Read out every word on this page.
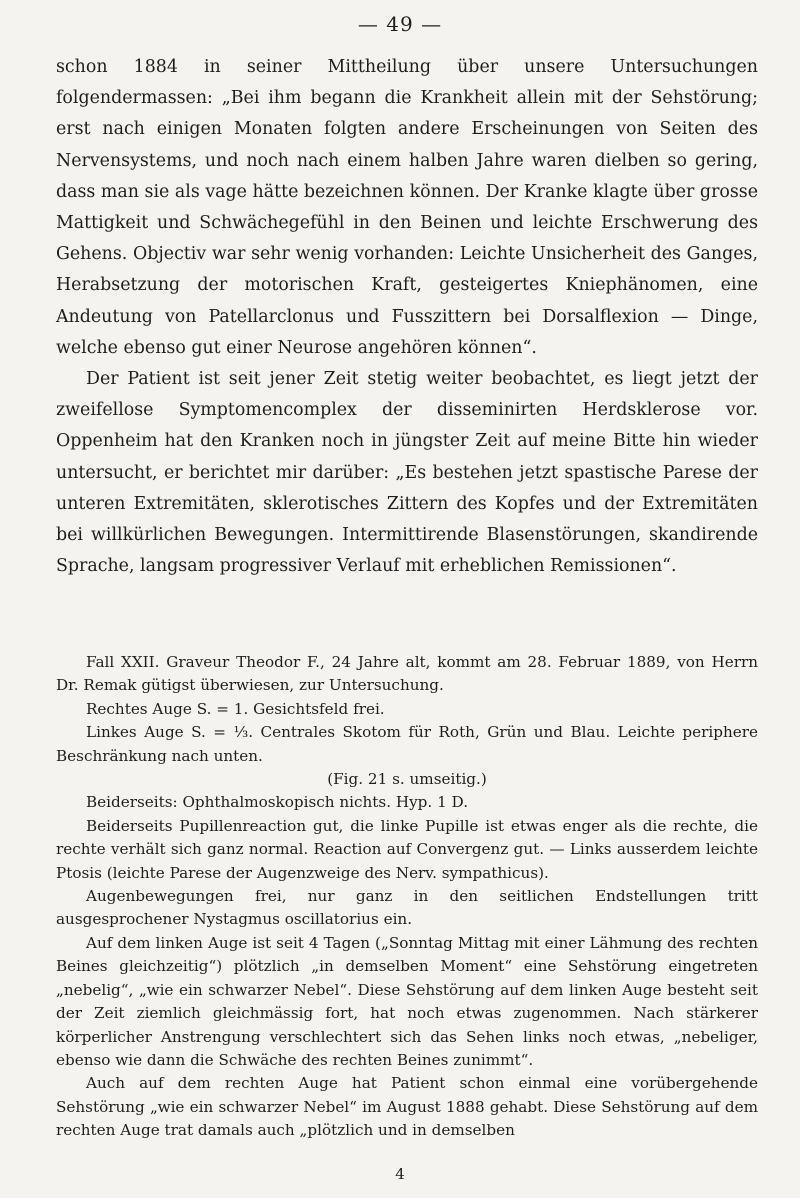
— 49 —

schon 1884 in seiner Mittheilung über unsere Untersuchungen folgendermassen: „Bei ihm begann die Krankheit allein mit der Sehstörung; erst nach einigen Monaten folgten andere Erscheinungen von Seiten des Nervensystems, und noch nach einem halben Jahre waren dielben so gering, dass man sie als vage hätte bezeichnen können. Der Kranke klagte über grosse Mattigkeit und Schwächegefühl in den Beinen und leichte Erschwerung des Gehens. Objectiv war sehr wenig vorhanden: Leichte Unsicherheit des Ganges, Herabsetzung der motorischen Kraft, gesteigertes Kniephänomen, eine Andeutung von Patellarclonus und Fusszittern bei Dorsalflexion — Dinge, welche ebenso gut einer Neurose angehören können“.

Der Patient ist seit jener Zeit stetig weiter beobachtet, es liegt jetzt der zweifellose Symptomencomplex der disseminirten Herdsklerose vor. Oppenheim hat den Kranken noch in jüngster Zeit auf meine Bitte hin wieder untersucht, er berichtet mir darüber: „Es bestehen jetzt spastische Parese der unteren Extremitäten, sklerotisches Zittern des Kopfes und der Extremitäten bei willkürlichen Bewegungen. Intermittirende Blasenstörungen, skandirende Sprache, langsam progressiver Verlauf mit erheblichen Remissionen“.

Fall XXII. Graveur Theodor F., 24 Jahre alt, kommt am 28. Februar 1889, von Herrn Dr. Remak gütigst überwiesen, zur Untersuchung.

Rechtes Auge S. = 1. Gesichtsfeld frei.

Linkes Auge S. = ⅓. Centrales Skotom für Roth, Grün und Blau. Leichte periphere Beschränkung nach unten.

(Fig. 21 s. umseitig.)

Beiderseits: Ophthalmoskopisch nichts. Hyp. 1 D.

Beiderseits Pupillenreaction gut, die linke Pupille ist etwas enger als die rechte, die rechte verhält sich ganz normal. Reaction auf Convergenz gut. — Links ausserdem leichte Ptosis (leichte Parese der Augenzweige des Nerv. sympathicus).

Augenbewegungen frei, nur ganz in den seitlichen Endstellungen tritt ausgesprochener Nystagmus oscillatorius ein.

Auf dem linken Auge ist seit 4 Tagen („Sonntag Mittag mit einer Lähmung des rechten Beines gleichzeitig“) plötzlich „in demselben Moment“ eine Sehstörung eingetreten „nebelig“, „wie ein schwarzer Nebel“. Diese Sehstörung auf dem linken Auge besteht seit der Zeit ziemlich gleichmässig fort, hat noch etwas zugenommen. Nach stärkerer körperlicher Anstrengung verschlechtert sich das Sehen links noch etwas, „nebeliger, ebenso wie dann die Schwäche des rechten Beines zunimmt“.

Auch auf dem rechten Auge hat Patient schon einmal eine vorübergehende Sehstörung „wie ein schwarzer Nebel“ im August 1888 gehabt. Diese Sehstörung auf dem rechten Auge trat damals auch „plötzlich und in demselben

4
